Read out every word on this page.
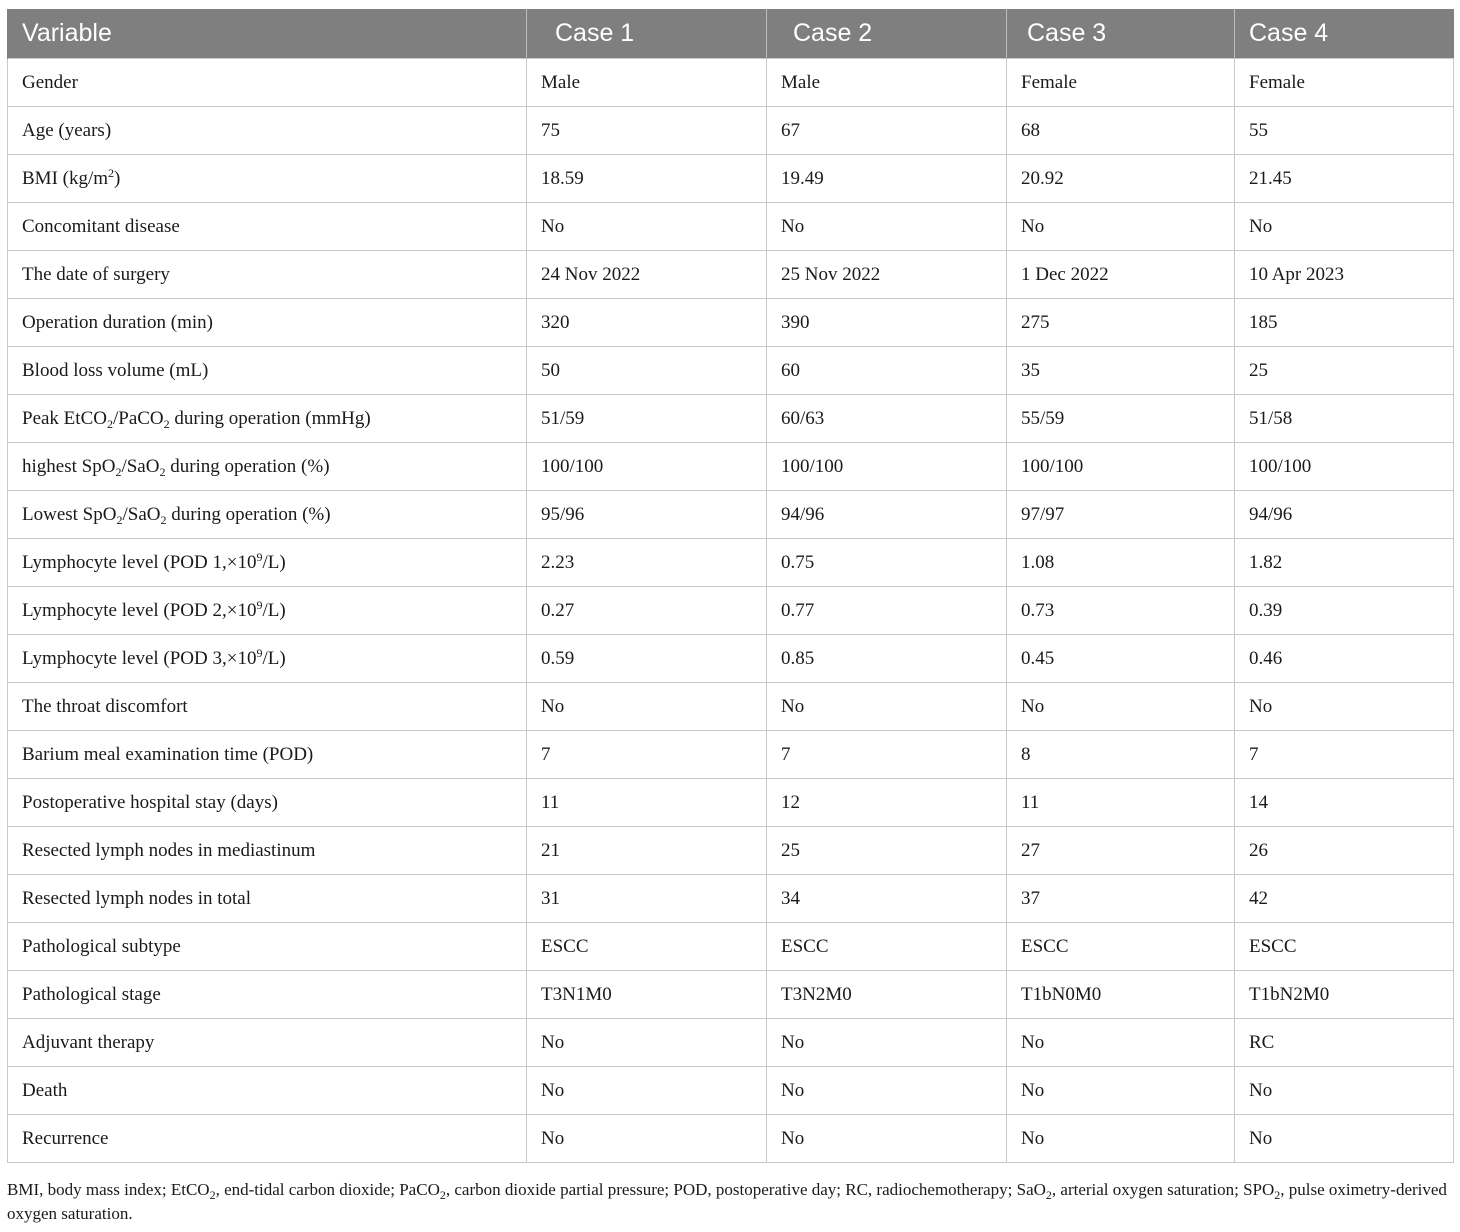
Variable	Case 1	Case 2	Case 3	Case 4
Gender	Male	Male	Female	Female
Age (years)	75	67	68	55
BMI $(kg/m^2)$	18.59	19.49	20.92	21.45
Concomitant disease	No	No	No	No
The date of surgery	24 Nov 2022	25 Nov 2022	1 Dec 2022	10 Apr 2023
Operation duration (min)	320	390	275	185
Blood loss volume (mL)	50	60	35	25
Peak EtCO$_2$/PaCO$_2$ during operation (mmHg)	51/59	60/63	55/59	51/58
highest SpO$_2$/SaO$_2$ during operation (%)	100/100	100/100	100/100	100/100
Lowest SpO$_2$/SaO$_2$ during operation (%)	95/96	94/96	97/97	94/96
Lymphocyte level (POD $1,\times 10^9/L$)	2.23	0.75	1.08	1.82
Lymphocyte level (POD $2,\times 10^9/L$)	0.27	0.77	0.73	0.39
Lymphocyte level (POD $3,\times 10^9/L$)	0.59	0.85	0.45	0.46
The throat discomfort	No	No	No	No
Barium meal examination time (POD)	7	7	8	7
Postoperative hospital stay (days)	11	12	11	14
Resected lymph nodes in mediastinum	21	25	27	26
Resected lymph nodes in total	31	34	37	42
Pathological subtype	ESCC	ESCC	ESCC	ESCC
Pathological stage	T3N1M0	T3N2M0	T1bN0M0	T1bN2M0
Adjuvant therapy	No	No	No	RC
Death	No	No	No	No
Recurrence	No	No	No	No
BMI, body mass index; EtCO$_2$, end-tidal carbon dioxide; PaCO$_2$, carbon dioxide partial pressure; POD, postoperative day; RC, radiochemotherapy; SaO$_2$, arterial oxygen saturation; $SPO_2$, pulse oximetry-derived oxygen saturation.
